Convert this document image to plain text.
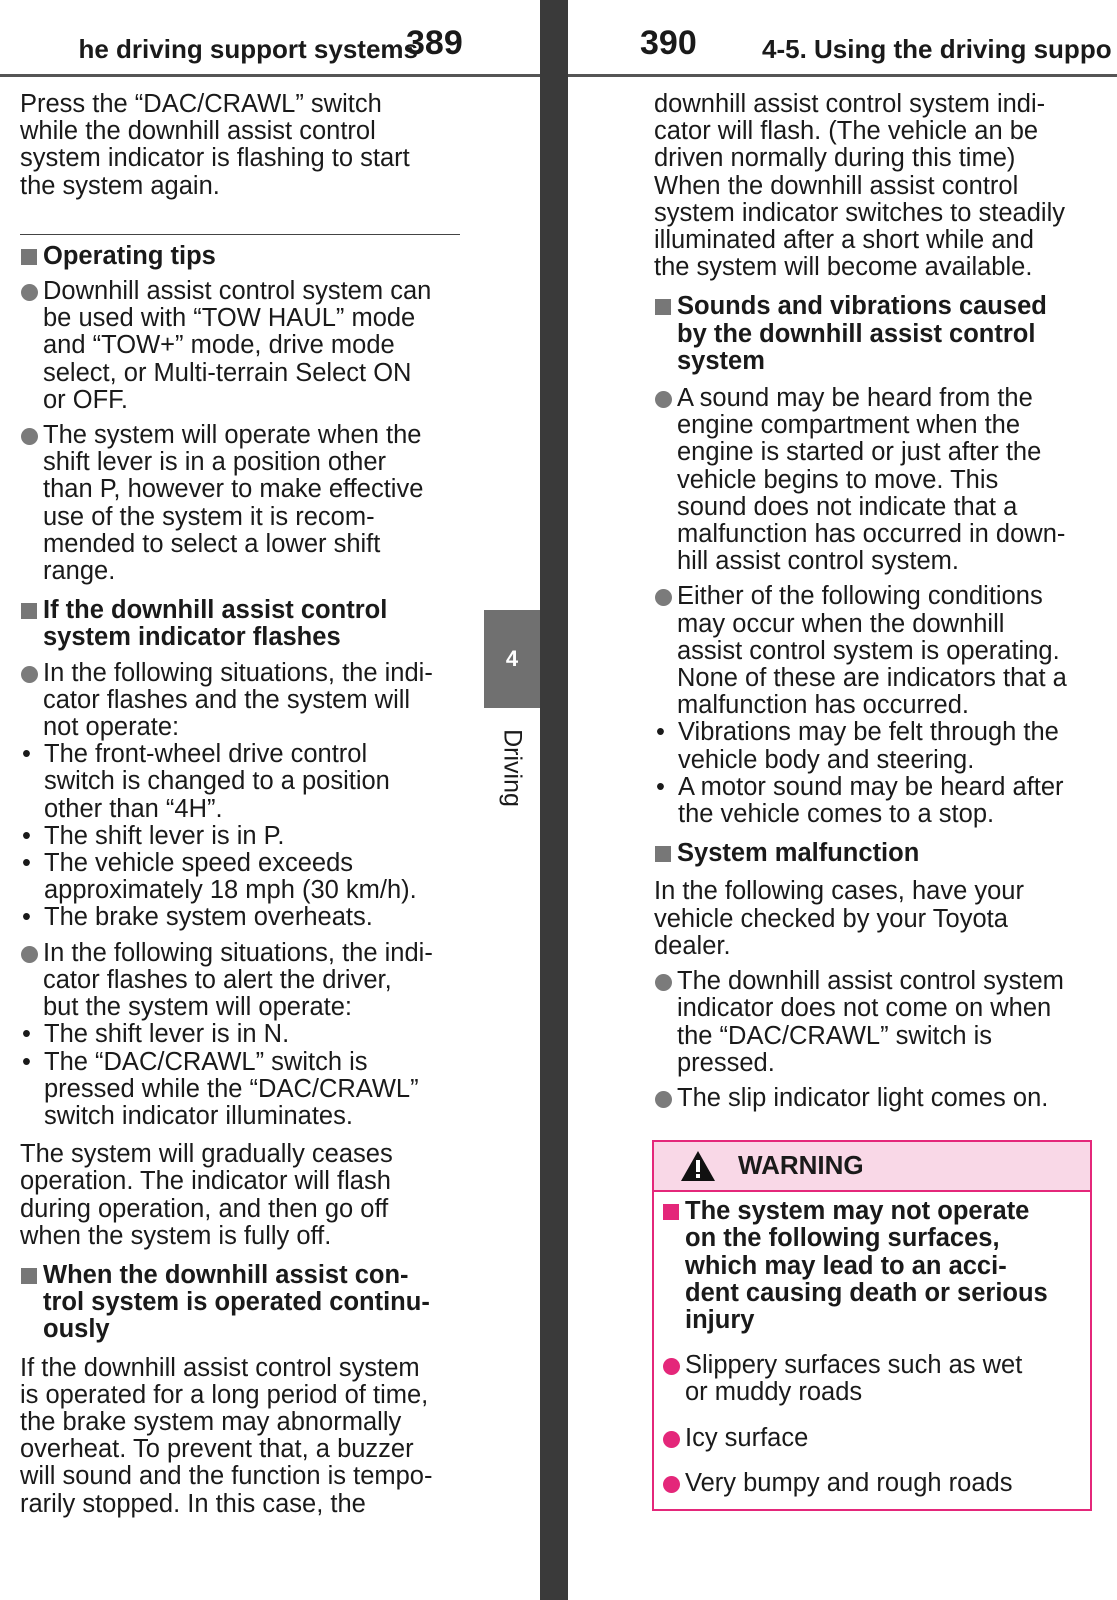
he driving support systems
389
Press the “DAC/CRAWL” switch
while the downhill assist control
system indicator is flashing to start
the system again.
Operating tips
Downhill assist control system can
be used with “TOW HAUL” mode
and “TOW+” mode, drive mode
select, or Multi-terrain Select ON
or OFF.
The system will operate when the
shift lever is in a position other
than P, however to make effective
use of the system it is recom-
mended to select a lower shift
range.
If the downhill assist control
system indicator flashes
In the following situations, the indi-
cator flashes and the system will
not operate:
• The front-wheel drive control
switch is changed to a position
other than “4H”.
• The shift lever is in P.
• The vehicle speed exceeds
approximately 18 mph (30 km/h).
• The brake system overheats.
In the following situations, the indi-
cator flashes to alert the driver,
but the system will operate:
• The shift lever is in N.
• The “DAC/CRAWL” switch is
pressed while the “DAC/CRAWL”
switch indicator illuminates.
The system will gradually ceases
operation. The indicator will flash
during operation, and then go off
when the system is fully off.
When the downhill assist con-
trol system is operated continu-
ously
If the downhill assist control system
is operated for a long period of time,
the brake system may abnormally
overheat. To prevent that, a buzzer
will sound and the function is tempo-
rarily stopped. In this case, the
4
Driving
390	4-5. Using the driving suppo
downhill assist control system indi-
cator will flash. (The vehicle an be
driven normally during this time)
When the downhill assist control
system indicator switches to steadily
illuminated after a short while and
the system will become available.
Sounds and vibrations caused
by the downhill assist control
system
A sound may be heard from the
engine compartment when the
engine is started or just after the
vehicle begins to move. This
sound does not indicate that a
malfunction has occurred in down-
hill assist control system.
Either of the following conditions
may occur when the downhill
assist control system is operating.
None of these are indicators that a
malfunction has occurred.
• Vibrations may be felt through the
vehicle body and steering.
• A motor sound may be heard after
the vehicle comes to a stop.
System malfunction
In the following cases, have your
vehicle checked by your Toyota
dealer.
The downhill assist control system
indicator does not come on when
the “DAC/CRAWL” switch is
pressed.
The slip indicator light comes on.
WARNING
The system may not operate
on the following surfaces,
which may lead to an acci-
dent causing death or serious
injury
Slippery surfaces such as wet
or muddy roads
Icy surface
Very bumpy and rough roads
